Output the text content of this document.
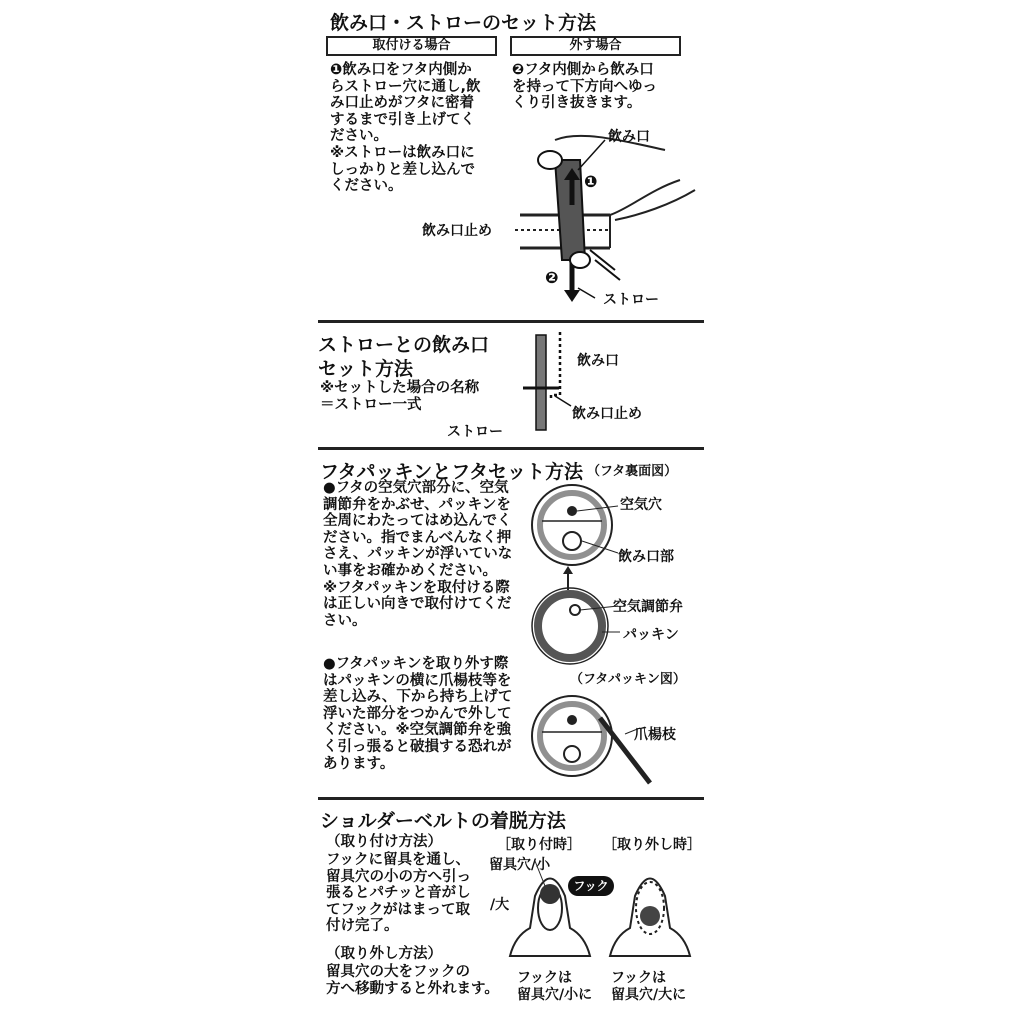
飲み口・ストローのセット方法
取付ける場合	外す場合
❶飲み口をフタ内側か
らストロー穴に通し,飲
み口止めがフタに密着
するまで引き上げてく
ださい。
※ストローは飲み口に
しっかりと差し込んで
ください。
❷フタ内側から飲み口
を持って下方向へゆっ
くり引き抜きます。
飲み口
❶
飲み口止め
❷
ストロー
ストローとの飲み口
セット方法
※セットした場合の名称
＝ストロー一式
ストロー
飲み口
飲み口止め
フタパッキンとフタセット方法 （フタ裏面図）
●フタの空気穴部分に、空気
調節弁をかぶせ、パッキンを
全周にわたってはめ込んでく
ださい。指でまんべんなく押
さえ、パッキンが浮いていな
い事をお確かめください。
※フタパッキンを取付ける際
は正しい向きで取付けてくだ
さい。
●フタパッキンを取り外す際
はパッキンの横に爪楊枝等を
差し込み、下から持ち上げて
浮いた部分をつかんで外して
ください。※空気調節弁を強
く引っ張ると破損する恐れが
あります。
空気穴
飲み口部
空気調節弁
パッキン
（フタパッキン図）
爪楊枝
ショルダーベルトの着脱方法
（取り付け方法）
フックに留具を通し、
留具穴の小の方へ引っ
張るとパチッと音がし
てフックがはまって取
付け完了。
（取り外し方法）
留具穴の大をフックの
方へ移動すると外れます。
［取り付時］ ［取り外し時］
留具穴/小
/大
フック
フックは
留具穴/小に
フックは
留具穴/大に
